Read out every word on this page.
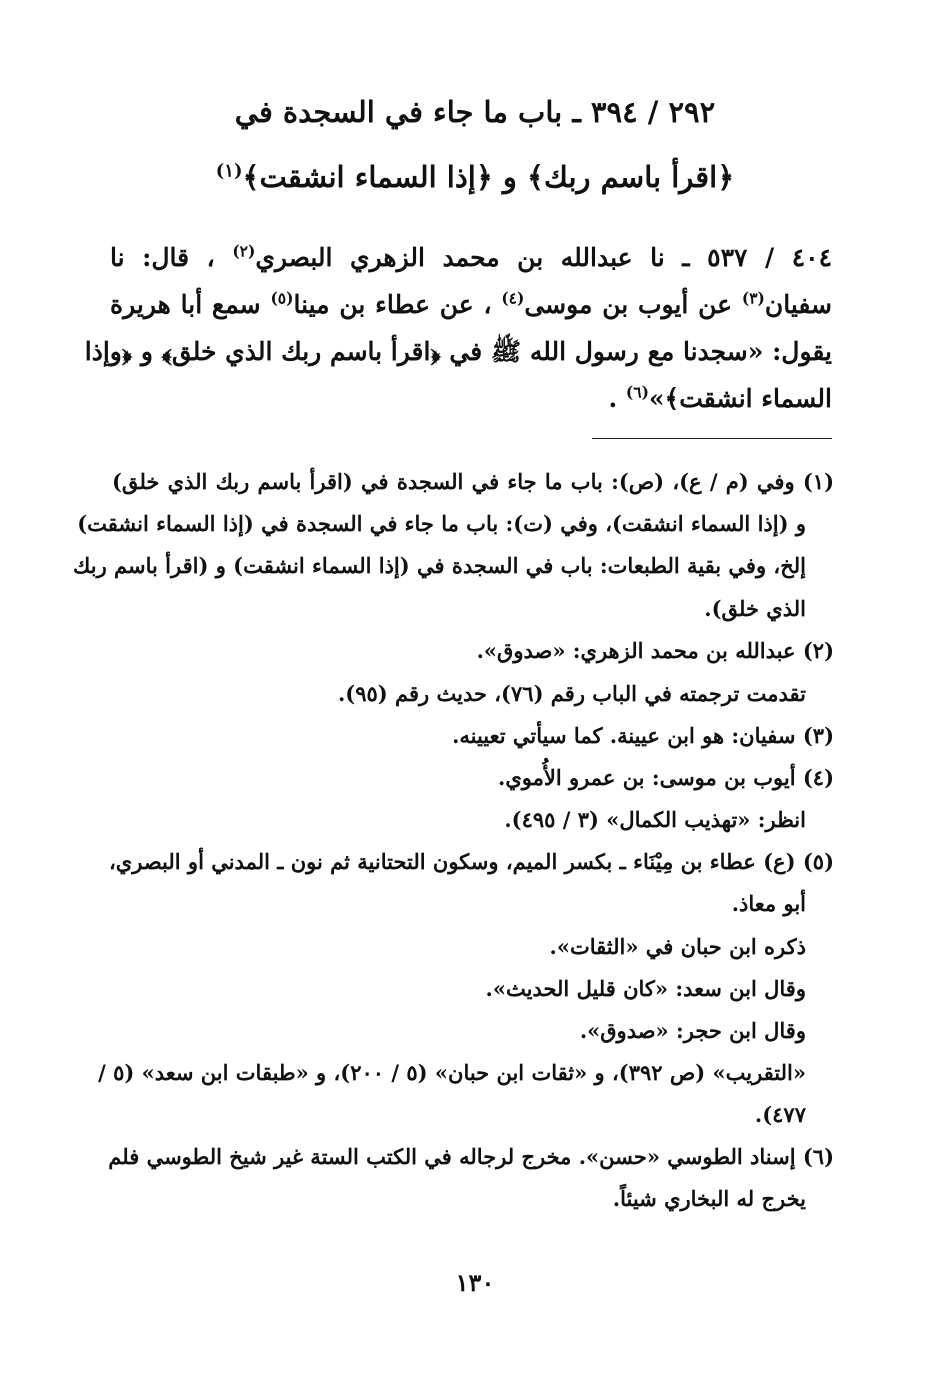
٢٩٢ / ٣٩٤ ـ باب ما جاء في السجدة في
﴿اقرأ باسم ربك﴾ و ﴿إذا السماء انشقت﴾$^{(١)}$
٤٠٤ / ٥٣٧ ـ نا عبدالله بن محمد الزهري البصري$^{(٢)}$ ، قال: نا
سفيان$^{(٣)}$ عن أيوب بن موسى$^{(٤)}$ ، عن عطاء بن مينا$^{(٥)}$ سمع أبا هريرة
يقول: «سجدنا مع رسول الله ﷺ في ﴿اقرأ باسم ربك الذي خلق﴾ و ﴿وإذا
السماء انشقت﴾»$^{(٦)}$ .
(١) وفي (م / ع)، (ص): باب ما جاء في السجدة في (اقرأ باسم ربك الذي خلق)
و (إذا السماء انشقت)، وفي (ت): باب ما جاء في السجدة في (إذا السماء انشقت)
إلخ، وفي بقية الطبعات: باب في السجدة في (إذا السماء انشقت) و (اقرأ باسم ربك
الذي خلق).
(٢) عبدالله بن محمد الزهري: «صدوق».
تقدمت ترجمته في الباب رقم (٧٦)، حديث رقم (٩٥).
(٣) سفيان: هو ابن عيينة. كما سيأتي تعيينه.
(٤) أيوب بن موسى: بن عمرو الأُموي.
انظر: «تهذيب الكمال» (٣ / ٤٩٥).
(٥) (ع) عطاء بن مِيْنَاء ـ بكسر الميم، وسكون التحتانية ثم نون ـ المدني أو البصري،
أبو معاذ.
ذكره ابن حبان في «الثقات».
وقال ابن سعد: «كان قليل الحديث».
وقال ابن حجر: «صدوق».
«التقريب» (ص ٣٩٢)، و «ثقات ابن حبان» (٥ / ٢٠٠)، و «طبقات ابن سعد» (٥ /
٤٧٧).
(٦) إسناد الطوسي «حسن». مخرج لرجاله في الكتب الستة غير شيخ الطوسي فلم
يخرج له البخاري شيئاً.
١٣٠
